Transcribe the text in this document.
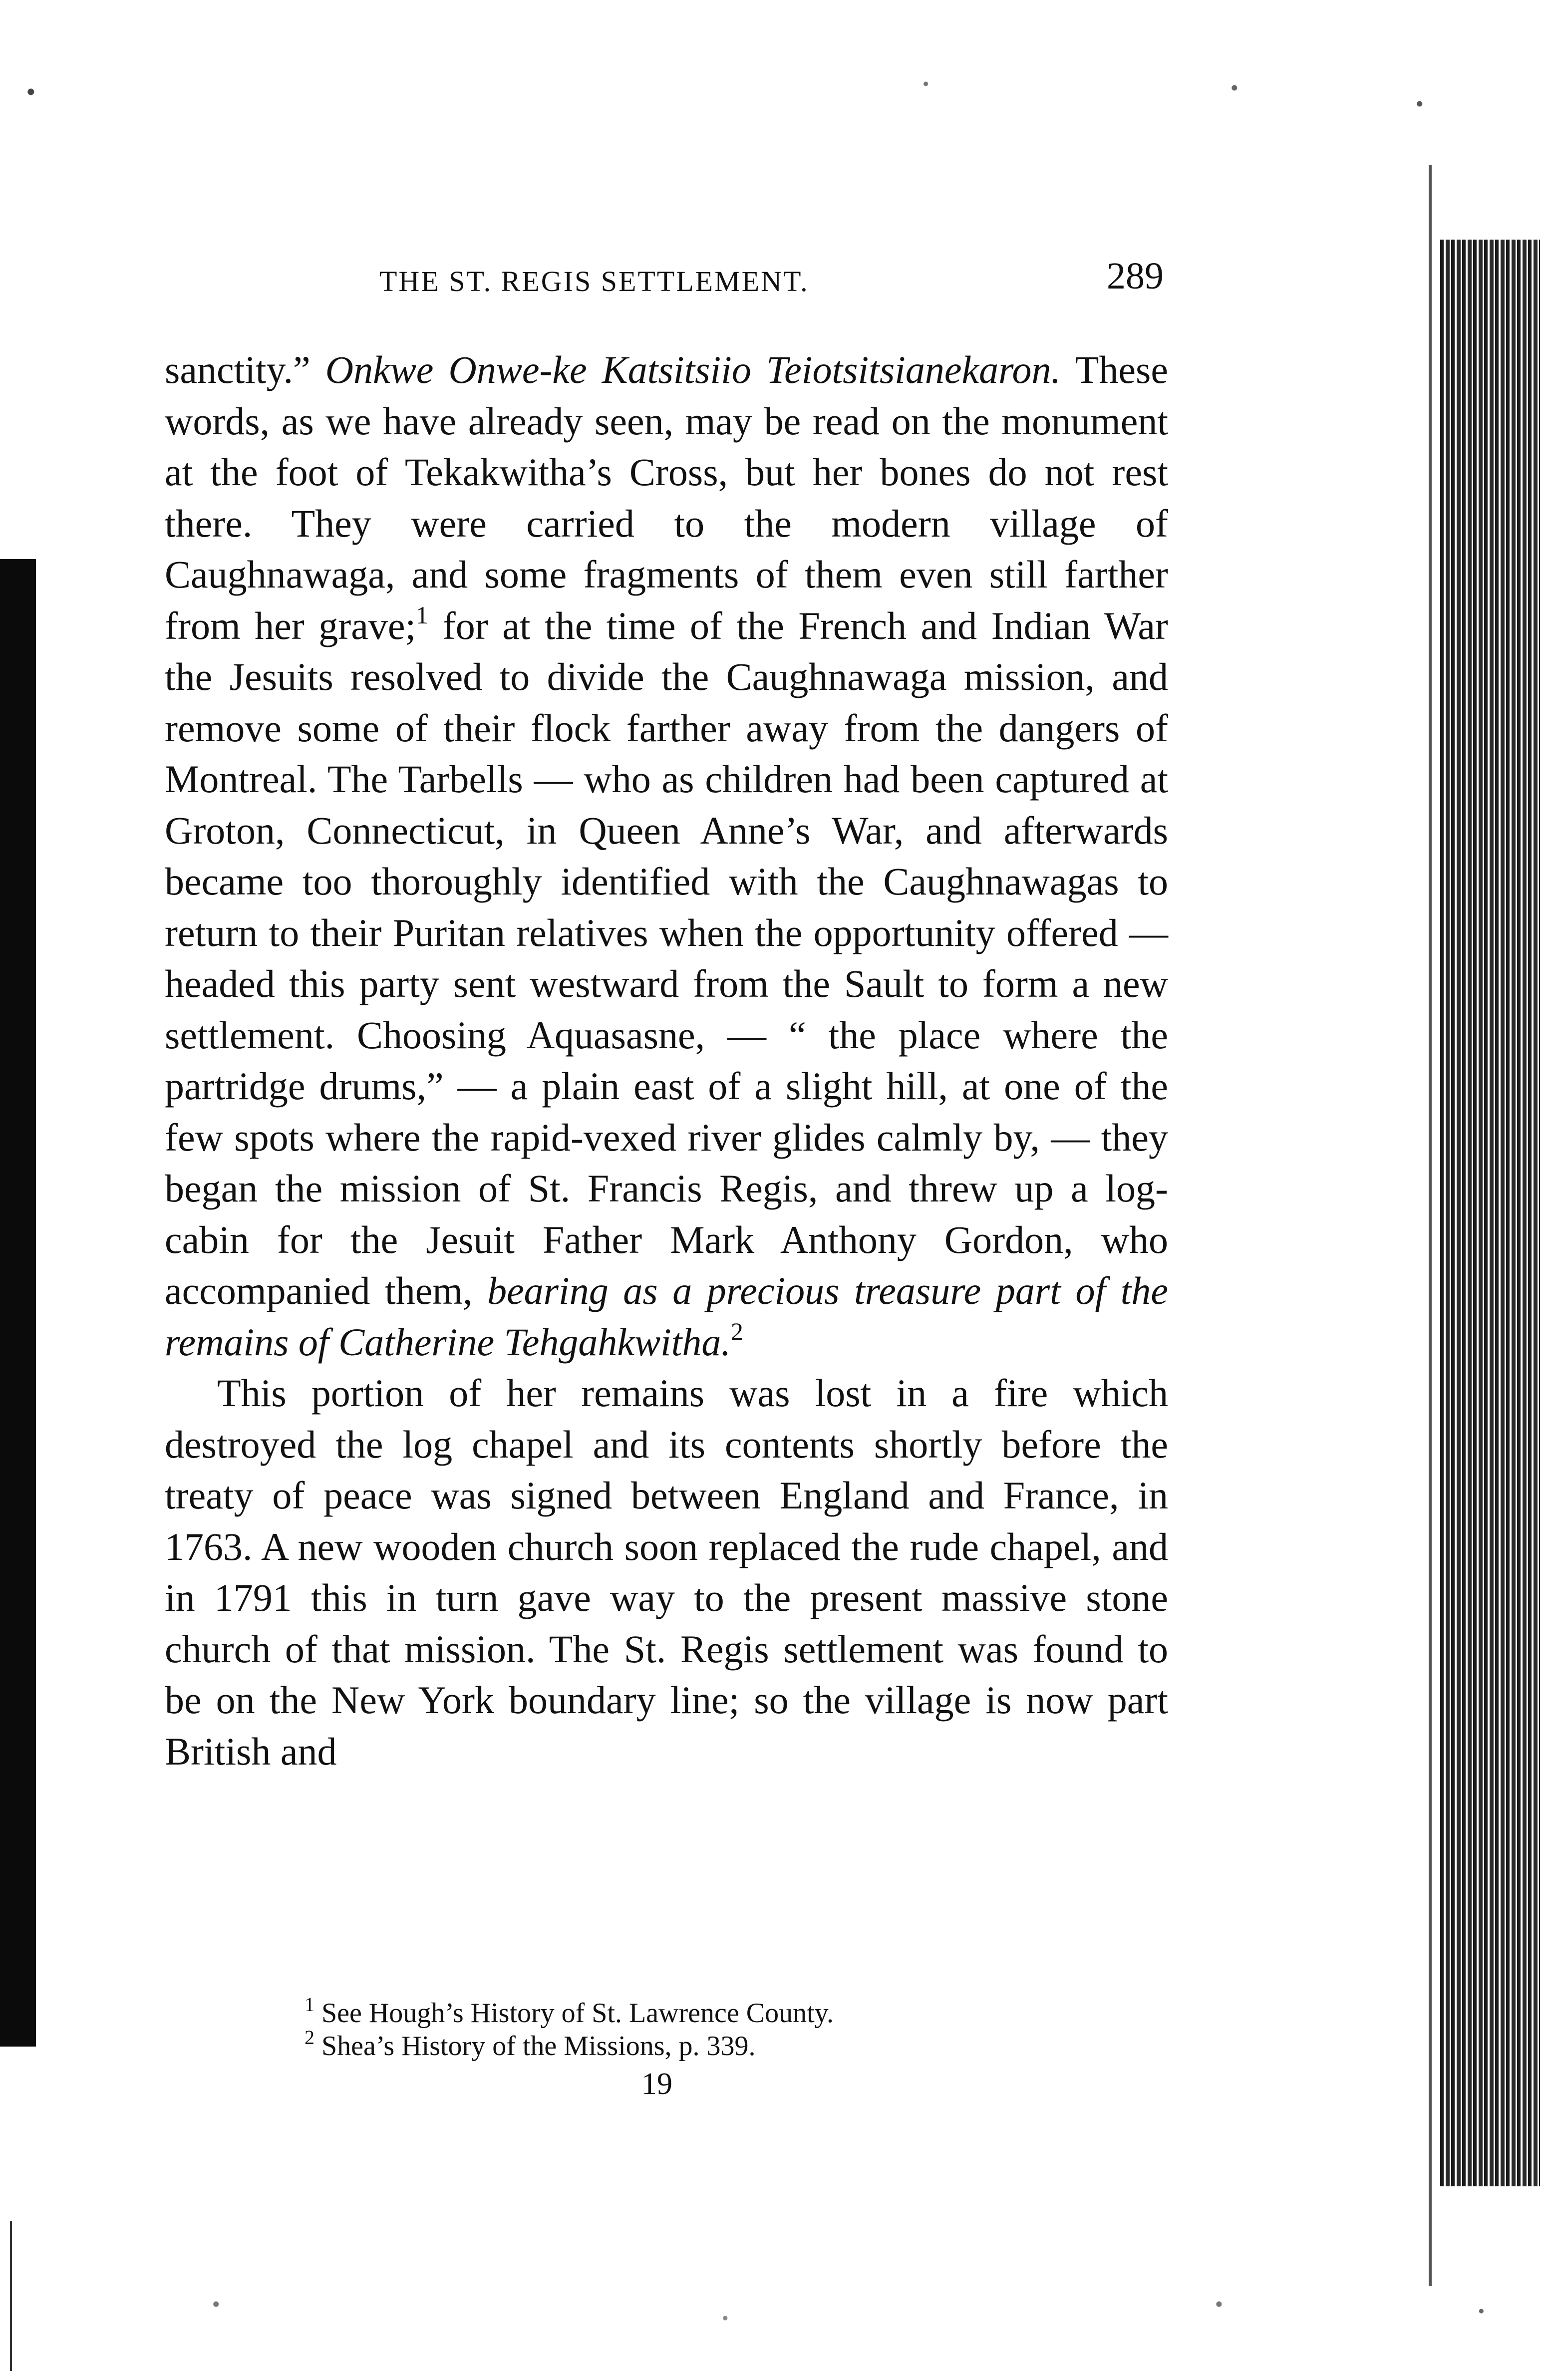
THE ST. REGIS SETTLEMENT.	289

sanctity.” Onkwe Onwe-ke Katsitsiio Teiotsitsianekaron. These words, as we have already seen, may be read on the monument at the foot of Tekakwitha’s Cross, but her bones do not rest there. They were carried to the modern village of Caughnawaga, and some fragments of them even still farther from her grave;$^1$ for at the time of the French and Indian War the Jesuits resolved to divide the Caughnawaga mission, and remove some of their flock farther away from the dangers of Montreal. The Tarbells — who as children had been captured at Groton, Connecticut, in Queen Anne’s War, and afterwards became too thoroughly identified with the Caughnawagas to return to their Puritan relatives when the opportunity offered — headed this party sent westward from the Sault to form a new settlement. Choosing Aquasasne, — “ the place where the partridge drums,” — a plain east of a slight hill, at one of the few spots where the rapid-vexed river glides calmly by, — they began the mission of St. Francis Regis, and threw up a log-cabin for the Jesuit Father Mark Anthony Gordon, who accompanied them, bearing as a precious treasure part of the remains of Catherine Tehgahkwitha.$^2$

This portion of her remains was lost in a fire which destroyed the log chapel and its contents shortly before the treaty of peace was signed between England and France, in 1763. A new wooden church soon replaced the rude chapel, and in 1791 this in turn gave way to the present massive stone church of that mission. The St. Regis settlement was found to be on the New York boundary line; so the village is now part British and

$^1$ See Hough’s History of St. Lawrence County.

$^2$ Shea’s History of the Missions, p. 339.

19
